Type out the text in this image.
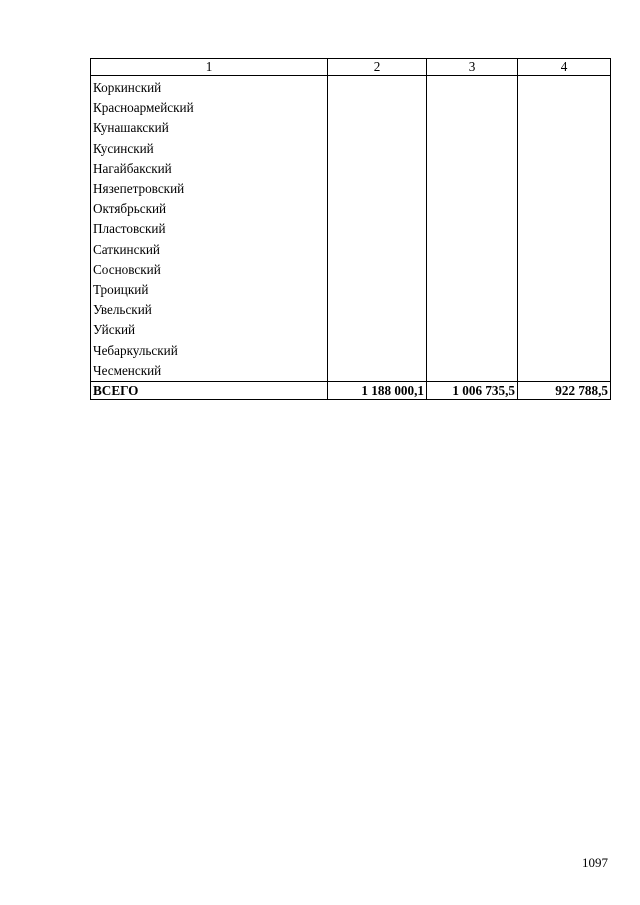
1	2	3	4
Коркинский			
Красноармейский			
Кунашакский			
Кусинский			
Нагайбакский			
Нязепетровский			
Октябрьский			
Пластовский			
Саткинский			
Сосновский			
Троицкий			
Увельский			
Уйский			
Чебаркульский			
Чесменский			
ВСЕГО	1 188 000,1	1 006 735,5	922 788,5
1097
